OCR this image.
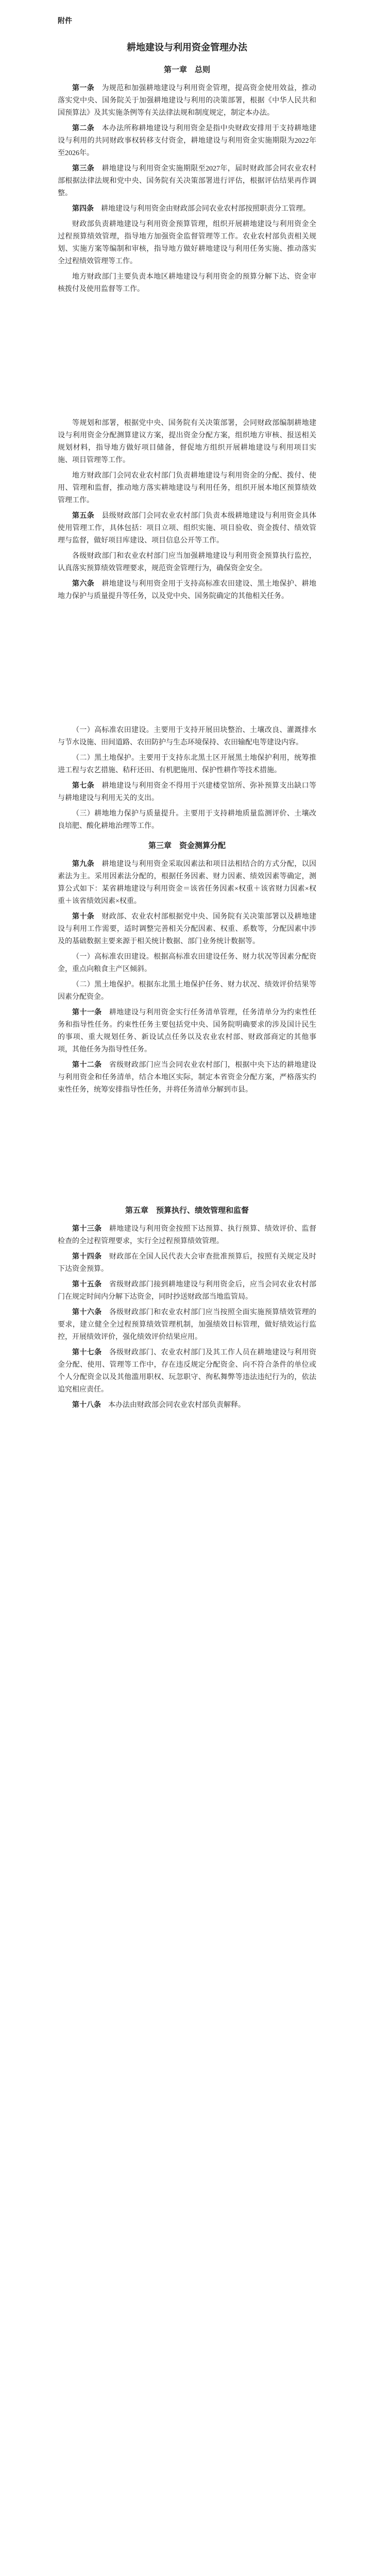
附件
耕地建设与利用资金管理办法
第一章　总则

第一条　 为规范和加强耕地建设与利用资金管理，提高资金使用效益，推动落实党中央、国务院关于加强耕地建设与利用的决策部署，根据《中华人民共和国预算法》及其实施条例等有关法律法规和制度规定，制定本办法。

第二条　 本办法所称耕地建设与利用资金是指中央财政安排用于支持耕地建设与利用的共同财政事权转移支付资金，耕地建设与利用资金实施期限为2022年至2026年。

第三条　 耕地建设与利用资金实施期限至2027年，届时财政部会同农业农村部根据法律法规和党中央、国务院有关决策部署进行评估，根据评估结果再作调整。

第四条　 耕地建设与利用资金由财政部会同农业农村部按照职责分工管理。

财政部负责耕地建设与利用资金预算管理，组织开展耕地建设与利用资金全过程预算绩效管理，指导地方加强资金监督管理等工作。农业农村部负责相关规划、实施方案等编制和审核，指导地方做好耕地建设与利用任务实施、推动落实全过程绩效管理等工作。

地方财政部门主要负责本地区耕地建设与利用资金的预算分解下达、资金审核拨付及使用监督等工作。

等规划和部署，根据党中央、国务院有关决策部署，会同财政部编制耕地建设与利用资金分配测算建议方案，提出资金分配方案，组织地方审核、报送相关规划材料，指导地方做好项目储备，督促地方组织开展耕地建设与利用项目实施、项目管理等工作。

地方财政部门会同农业农村部门负责耕地建设与利用资金的分配、拨付、使用、管理和监督，推动地方落实耕地建设与利用任务，组织开展本地区预算绩效管理工作。

第五条　 县级财政部门会同农业农村部门负责本级耕地建设与利用资金具体使用管理工作，具体包括：项目立项、组织实施、项目验收、资金拨付、绩效管理与监督，做好项目库建设、项目信息公开等工作。

各级财政部门和农业农村部门应当加强耕地建设与利用资金预算执行监控，认真落实预算绩效管理要求，规范资金管理行为，确保资金安全。

第六条　 耕地建设与利用资金用于支持高标准农田建设、黑土地保护、耕地地力保护与质量提升等任务，以及党中央、国务院确定的其他相关任务。

（一）高标准农田建设。主要用于支持开展田块整治、土壤改良、灌溉排水与节水设施、田间道路、农田防护与生态环境保持、农田输配电等建设内容。

（二）黑土地保护。主要用于支持东北黑土区开展黑土地保护利用，统筹推进工程与农艺措施、秸秆还田、有机肥施用、保护性耕作等技术措施。

第七条　 耕地建设与利用资金不得用于兴建楼堂馆所、弥补预算支出缺口等与耕地建设与利用无关的支出。

（三）耕地地力保护与质量提升。主要用于支持耕地质量监测评价、土壤改良培肥、酸化耕地治理等工作。

第三章　资金测算分配

第九条　 耕地建设与利用资金采取因素法和项目法相结合的方式分配，以因素法为主。采用因素法分配的，根据任务因素、财力因素、绩效因素等确定，测算公式如下：某省耕地建设与利用资金＝该省任务因素×权重＋该省财力因素×权重＋该省绩效因素×权重。

第十条　 财政部、农业农村部根据党中央、国务院有关决策部署以及耕地建设与利用工作需要，适时调整完善相关分配因素、权重、系数等，分配因素中涉及的基础数据主要来源于相关统计数据、部门业务统计数据等。

（一）高标准农田建设。根据高标准农田建设任务、财力状况等因素分配资金，重点向粮食主产区倾斜。

（二）黑土地保护。根据东北黑土地保护任务、财力状况、绩效评价结果等因素分配资金。

第十一条　 耕地建设与利用资金实行任务清单管理，任务清单分为约束性任务和指导性任务。约束性任务主要包括党中央、国务院明确要求的涉及国计民生的事项、重大规划任务、新设试点任务以及农业农村部、财政部商定的其他事项，其他任务为指导性任务。

第十二条　 省级财政部门应当会同农业农村部门，根据中央下达的耕地建设与利用资金和任务清单，结合本地区实际，制定本省资金分配方案，严格落实约束性任务，统筹安排指导性任务，并将任务清单分解到市县。

第五章　预算执行、绩效管理和监督

第十三条　 耕地建设与利用资金按照下达预算、执行预算、绩效评价、监督检查的全过程管理要求，实行全过程预算绩效管理。

第十四条　 财政部在全国人民代表大会审查批准预算后，按照有关规定及时下达资金预算。

第十五条　 省级财政部门接到耕地建设与利用资金后，应当会同农业农村部门在规定时间内分解下达资金，同时抄送财政部当地监管局。

第十六条　 各级财政部门和农业农村部门应当按照全面实施预算绩效管理的要求，建立健全全过程预算绩效管理机制，加强绩效目标管理，做好绩效运行监控，开展绩效评价，强化绩效评价结果应用。

第十七条　 各级财政部门、农业农村部门及其工作人员在耕地建设与利用资金分配、使用、管理等工作中，存在违反规定分配资金、向不符合条件的单位或个人分配资金以及其他滥用职权、玩忽职守、徇私舞弊等违法违纪行为的，依法追究相应责任。

第十八条　 本办法由财政部会同农业农村部负责解释。
